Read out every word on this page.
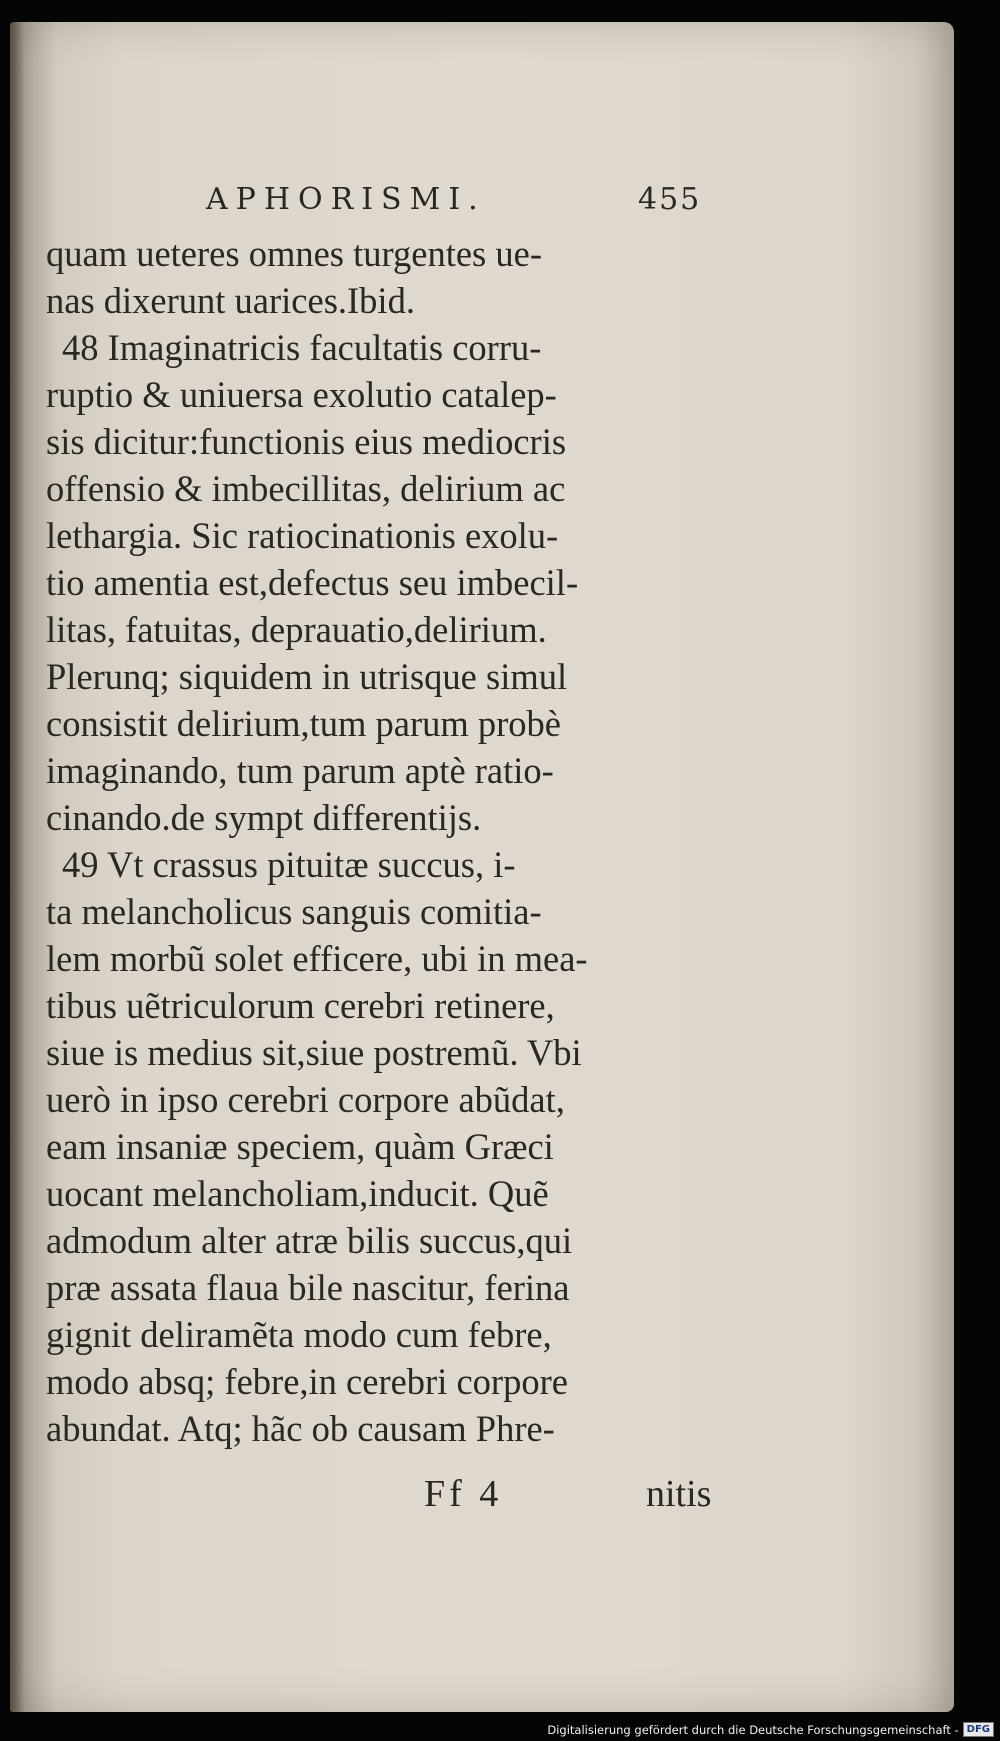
APHORISMI.	455
quam ueteres omnes turgentes ue-
nas dixerunt uarices.Ibid.
48 Imaginatricis facultatis corru-
ruptio & uniuersa exolutio catalep-
sis dicitur:functionis eius mediocris
offensio & imbecillitas, delirium ac
lethargia. Sic ratiocinationis exolu-
tio amentia est,defectus seu imbecil-
litas, fatuitas, deprauatio,delirium.
Plerunq; siquidem in utrisque simul
consistit delirium,tum parum probè
imaginando, tum parum aptè ratio-
cinando.de sympt differentijs.
49 Vt crassus pituitæ succus, i-
ta melancholicus sanguis comitia-
lem morbũ solet efficere, ubi in mea-
tibus uẽtriculorum cerebri retinere,
siue is medius sit,siue postremũ. Vbi
uerò in ipso cerebri corpore abũdat,
eam insaniæ speciem, quàm Græci
uocant melancholiam,inducit. Quẽ
admodum alter atræ bilis succus,qui
præ assata flaua bile nascitur, ferina
gignit deliramẽta modo cum febre,
modo absq; febre,in cerebri corpore
abundat. Atq; hãc ob causam Phre-
Ff 4	nitis
Digitalisierung gefördert durch die Deutsche Forschungsgemeinschaft - DFG
